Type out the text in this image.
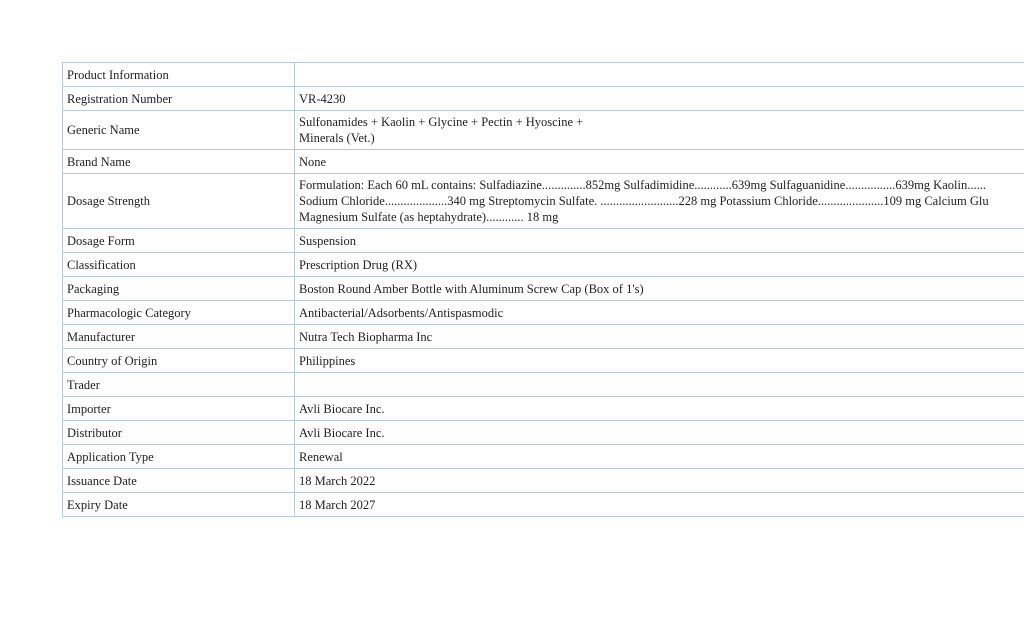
Product Information	

Registration Number	VR-4230

Generic Name	Sulfonamides + Kaolin + Glycine + Pectin + Hyoscine +
Minerals (Vet.)

Brand Name	None

Dosage Strength	Formulation: Each 60 mL contains: Sulfadiazine..............852mg Sulfadimidine............639mg Sulfaguanidine................639mg Kaolin......
Sodium Chloride....................340 mg Streptomycin Sulfate. .........................228 mg Potassium Chloride.....................109 mg Calcium Glu
Magnesium Sulfate (as heptahydrate)............ 18 mg

Dosage Form	Suspension

Classification	Prescription Drug (RX)

Packaging	Boston Round Amber Bottle with Aluminum Screw Cap (Box of 1's)

Pharmacologic Category	Antibacterial/Adsorbents/Antispasmodic

Manufacturer	Nutra Tech Biopharma Inc

Country of Origin	Philippines

Trader	

Importer	Avli Biocare Inc.

Distributor	Avli Biocare Inc.

Application Type	Renewal

Issuance Date	18 March 2022

Expiry Date	18 March 2027
